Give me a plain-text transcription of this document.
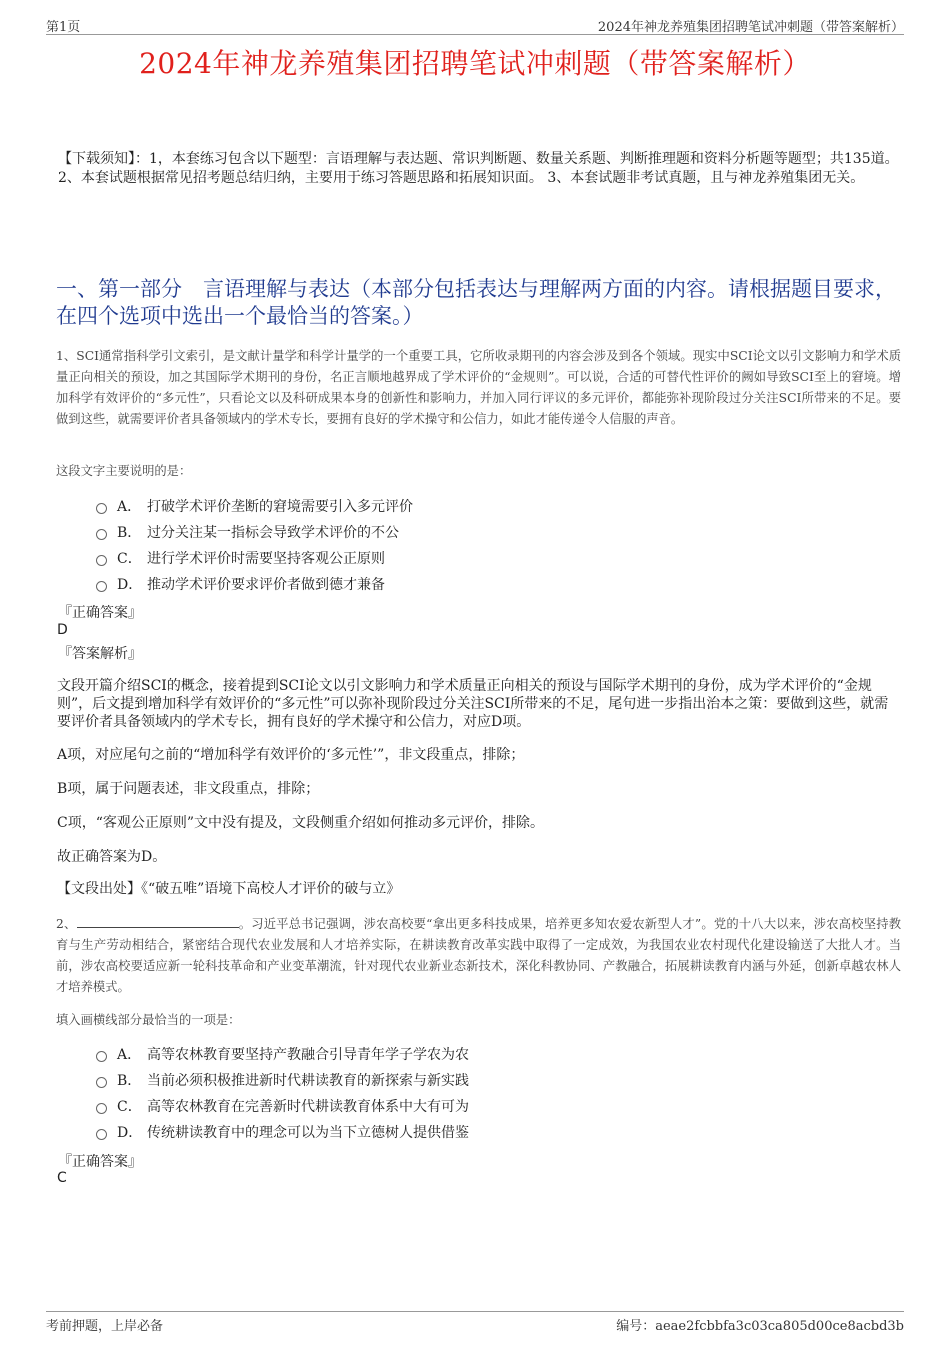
第1页	2024年神龙养殖集团招聘笔试冲刺题（带答案解析）
2024年神龙养殖集团招聘笔试冲刺题（带答案解析）
【下载须知】：1，本套练习包含以下题型：言语理解与表达题、常识判断题、数量关系题、判断推理题和资料分析题等题型；共135道。 2、本套试题根据常见招考题总结归纳，主要用于练习答题思路和拓展知识面。 3、本套试题非考试真题，且与神龙养殖集团无关。
一、第一部分　言语理解与表达（本部分包括表达与理解两方面的内容。请根据题目要求，在四个选项中选出一个最恰当的答案。）
1、SCI通常指科学引文索引，是文献计量学和科学计量学的一个重要工具，它所收录期刊的内容会涉及到各个领域。现实中SCI论文以引文影响力和学术质量正向相关的预设，加之其国际学术期刊的身份，名正言顺地越界成了学术评价的“金规则”。可以说，合适的可替代性评价的阙如导致SCI至上的窘境。增加科学有效评价的“多元性”，只看论文以及科研成果本身的创新性和影响力，并加入同行评议的多元评价，都能弥补现阶段过分关注SCI所带来的不足。要做到这些，就需要评价者具备领域内的学术专长，要拥有良好的学术操守和公信力，如此才能传递令人信服的声音。
这段文字主要说明的是：
A． 打破学术评价垄断的窘境需要引入多元评价
B． 过分关注某一指标会导致学术评价的不公
C． 进行学术评价时需要坚持客观公正原则
D． 推动学术评价要求评价者做到德才兼备
『正确答案』
D
『答案解析』
文段开篇介绍SCI的概念，接着提到SCI论文以引文影响力和学术质量正向相关的预设与国际学术期刊的身份，成为学术评价的“金规则”，后文提到增加科学有效评价的“多元性”可以弥补现阶段过分关注SCI所带来的不足，尾句进一步指出治本之策：要做到这些，就需要评价者具备领域内的学术专长，拥有良好的学术操守和公信力，对应D项。
A项，对应尾句之前的“增加科学有效评价的‘多元性’”，非文段重点，排除；
B项，属于问题表述，非文段重点，排除；
C项，“客观公正原则”文中没有提及，文段侧重介绍如何推动多元评价，排除。
故正确答案为D。
【文段出处】《“破五唯”语境下高校人才评价的破与立》
2、	。习近平总书记强调，涉农高校要“拿出更多科技成果，培养更多知农爱农新型人才”。党的十八大以来，涉农高校坚持教育与生产劳动相结合，紧密结合现代农业发展和人才培养实际，在耕读教育改革实践中取得了一定成效，为我国农业农村现代化建设输送了大批人才。当前，涉农高校要适应新一轮科技革命和产业变革潮流，针对现代农业新业态新技术，深化科教协同、产教融合，拓展耕读教育内涵与外延，创新卓越农林人才培养模式。
填入画横线部分最恰当的一项是：
A． 高等农林教育要坚持产教融合引导青年学子学农为农
B． 当前必须积极推进新时代耕读教育的新探索与新实践
C． 高等农林教育在完善新时代耕读教育体系中大有可为
D． 传统耕读教育中的理念可以为当下立德树人提供借鉴
『正确答案』
C
考前押题，上岸必备	编号：aeae2fcbbfa3c03ca805d00ce8acbd3b
